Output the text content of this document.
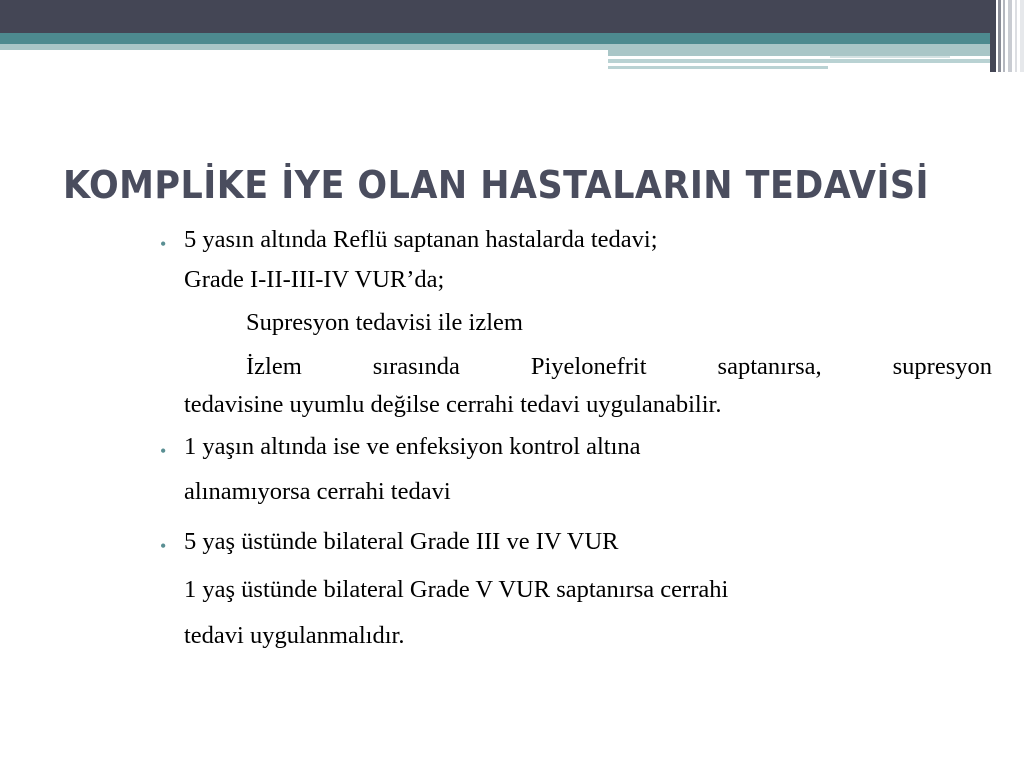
KOMPLİKE İYE OLAN HASTALARIN TEDAVİSİ
• 5 yasın altında Reflü saptanan hastalarda tedavi;
Grade I-II-III-IV VUR’da;
Supresyon tedavisi ile izlem
İzlem sırasında Piyelonefrit saptanırsa, supresyon
tedavisine uyumlu değilse cerrahi tedavi uygulanabilir.
• 1 yaşın altında ise ve enfeksiyon kontrol altına
alınamıyorsa cerrahi tedavi
• 5 yaş üstünde bilateral Grade III ve IV VUR
1 yaş üstünde bilateral Grade V VUR saptanırsa cerrahi
tedavi uygulanmalıdır.
